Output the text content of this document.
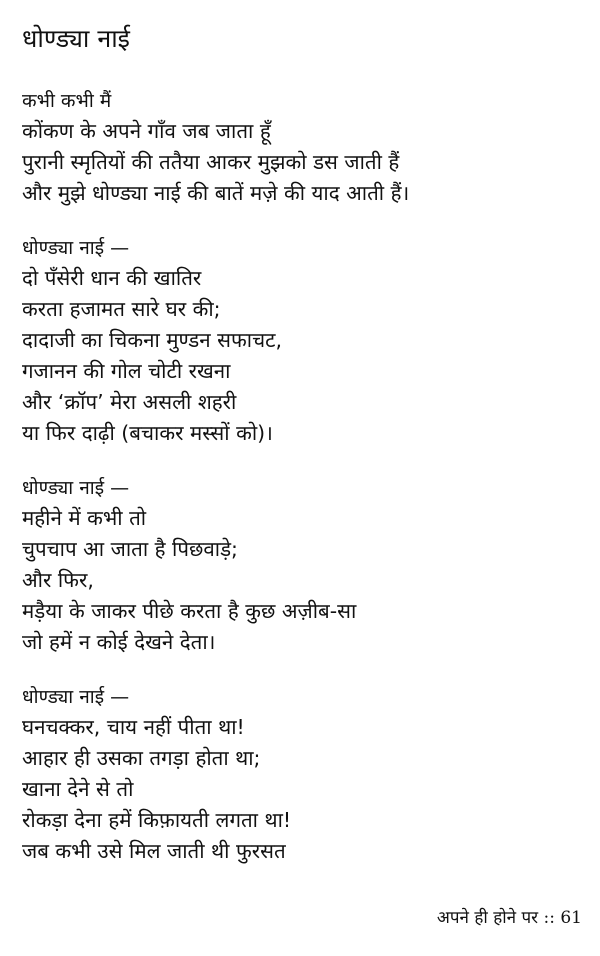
धोण्ड्या नाई
कभी कभी मैं
कोंकण के अपने गाँव जब जाता हूँ
पुरानी स्मृतियों की ततैया आकर मुझको डस जाती हैं
और मुझे धोण्ड्या नाई की बातें मज़े की याद आती हैं।
धोण्ड्या नाई —
दो पँसेरी धान की खातिर
करता हजामत सारे घर की;
दादाजी का चिकना मुण्डन सफाचट,
गजानन की गोल चोटी रखना
और ‘क्रॉप’ मेरा असली शहरी
या फिर दाढ़ी (बचाकर मस्सों को)।
धोण्ड्या नाई —
महीने में कभी तो
चुपचाप आ जाता है पिछवाड़े;
और फिर,
मड़ैया के जाकर पीछे करता है कुछ अज़ीब-सा
जो हमें न कोई देखने देता।
धोण्ड्या नाई —
घनचक्कर, चाय नहीं पीता था!
आहार ही उसका तगड़ा होता था;
खाना देने से तो
रोकड़ा देना हमें किफ़ायती लगता था!
जब कभी उसे मिल जाती थी फुरसत
अपने ही होने पर :: 61
